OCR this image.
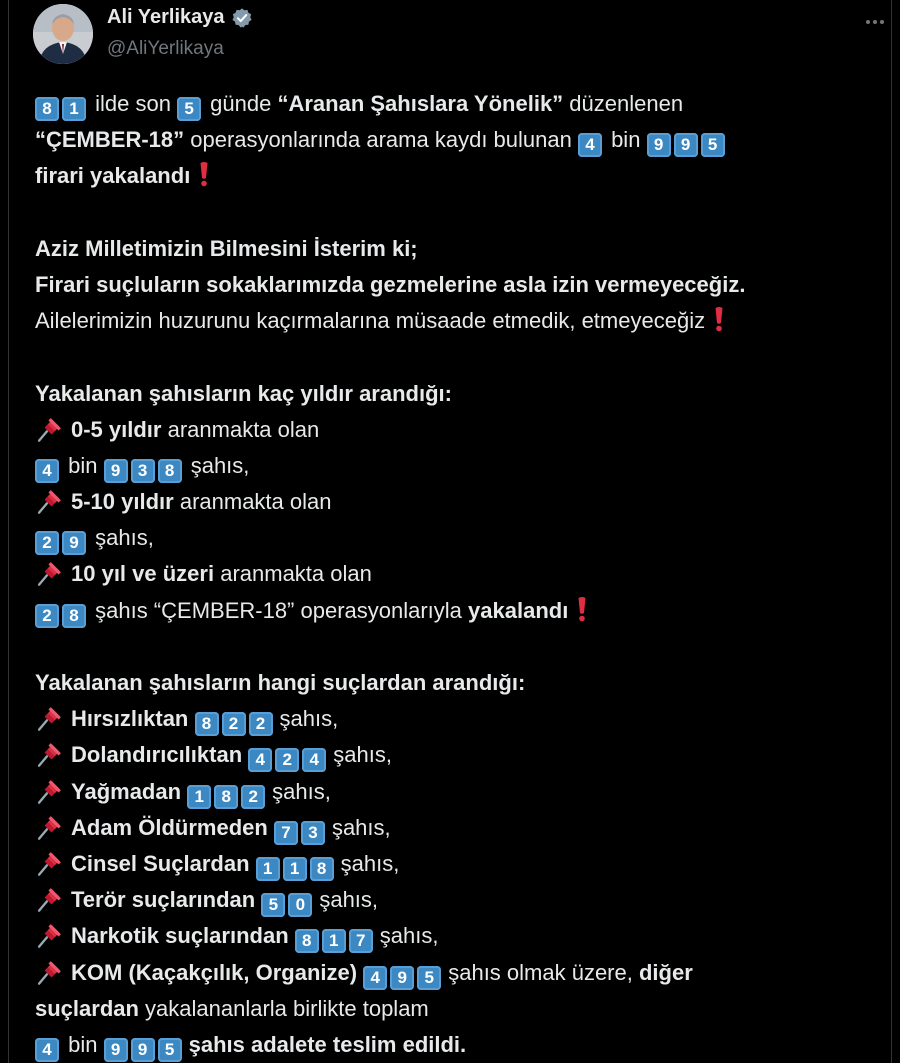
Ali Yerlikaya
@AliYerlikaya
8 1 ilde son 5 günde “Aranan Şahıslara Yönelik” düzenlenen
“ÇEMBER-18” operasyonlarında arama kaydı bulunan 4 bin 9 9 5
firari yakalandı
Aziz Milletimizin Bilmesini İsterim ki;
Firari suçluların sokaklarımızda gezmelerine asla izin vermeyeceğiz.
Ailelerimizin huzurunu kaçırmalarına müsaade etmedik, etmeyeceğiz
Yakalanan şahısların kaç yıldır arandığı:
0-5 yıldır aranmakta olan
4 bin 9 3 8 şahıs,
5-10 yıldır aranmakta olan
2 9 şahıs,
10 yıl ve üzeri aranmakta olan
2 8 şahıs “ÇEMBER-18” operasyonlarıyla yakalandı
Yakalanan şahısların hangi suçlardan arandığı:
Hırsızlıktan 8 2 2 şahıs,
Dolandırıcılıktan 4 2 4 şahıs,
Yağmadan 1 8 2 şahıs,
Adam Öldürmeden 7 3 şahıs,
Cinsel Suçlardan 1 1 8 şahıs,
Terör suçlarından 5 0 şahıs,
Narkotik suçlarından 8 1 7 şahıs,
KOM (Kaçakçılık, Organize) 4 9 5 şahıs olmak üzere, diğer
suçlardan yakalananlarla birlikte toplam
4 bin 9 9 5 şahıs adalete teslim edildi.
